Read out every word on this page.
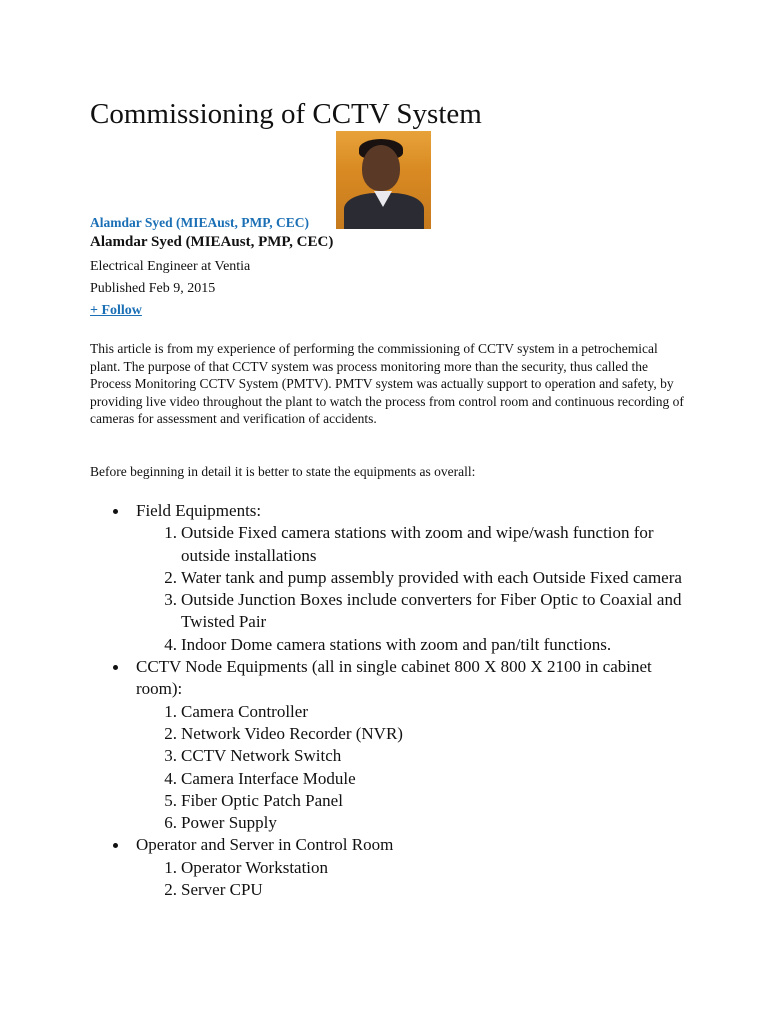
Commissioning of CCTV System
Alamdar Syed (MIEAust, PMP, CEC)
Alamdar Syed (MIEAust, PMP, CEC)
Electrical Engineer at Ventia
Published Feb 9, 2015
+ Follow

This article is from my experience of performing the commissioning of CCTV system in a petrochemical plant. The purpose of that CCTV system was process monitoring more than the security, thus called the Process Monitoring CCTV System (PMTV). PMTV system was actually support to operation and safety, by providing live video throughout the plant to watch the process from control room and continuous recording of cameras for assessment and verification of accidents.

Before beginning in detail it is better to state the equipments as overall:

Field Equipments:
1. Outside Fixed camera stations with zoom and wipe/wash function for outside installations
2. Water tank and pump assembly provided with each Outside Fixed camera
3. Outside Junction Boxes include converters for Fiber Optic to Coaxial and Twisted Pair
4. Indoor Dome camera stations with zoom and pan/tilt functions.
CCTV Node Equipments (all in single cabinet 800 X 800 X 2100 in cabinet room):
1. Camera Controller
2. Network Video Recorder (NVR)
3. CCTV Network Switch
4. Camera Interface Module
5. Fiber Optic Patch Panel
6. Power Supply
Operator and Server in Control Room
1. Operator Workstation
2. Server CPU
